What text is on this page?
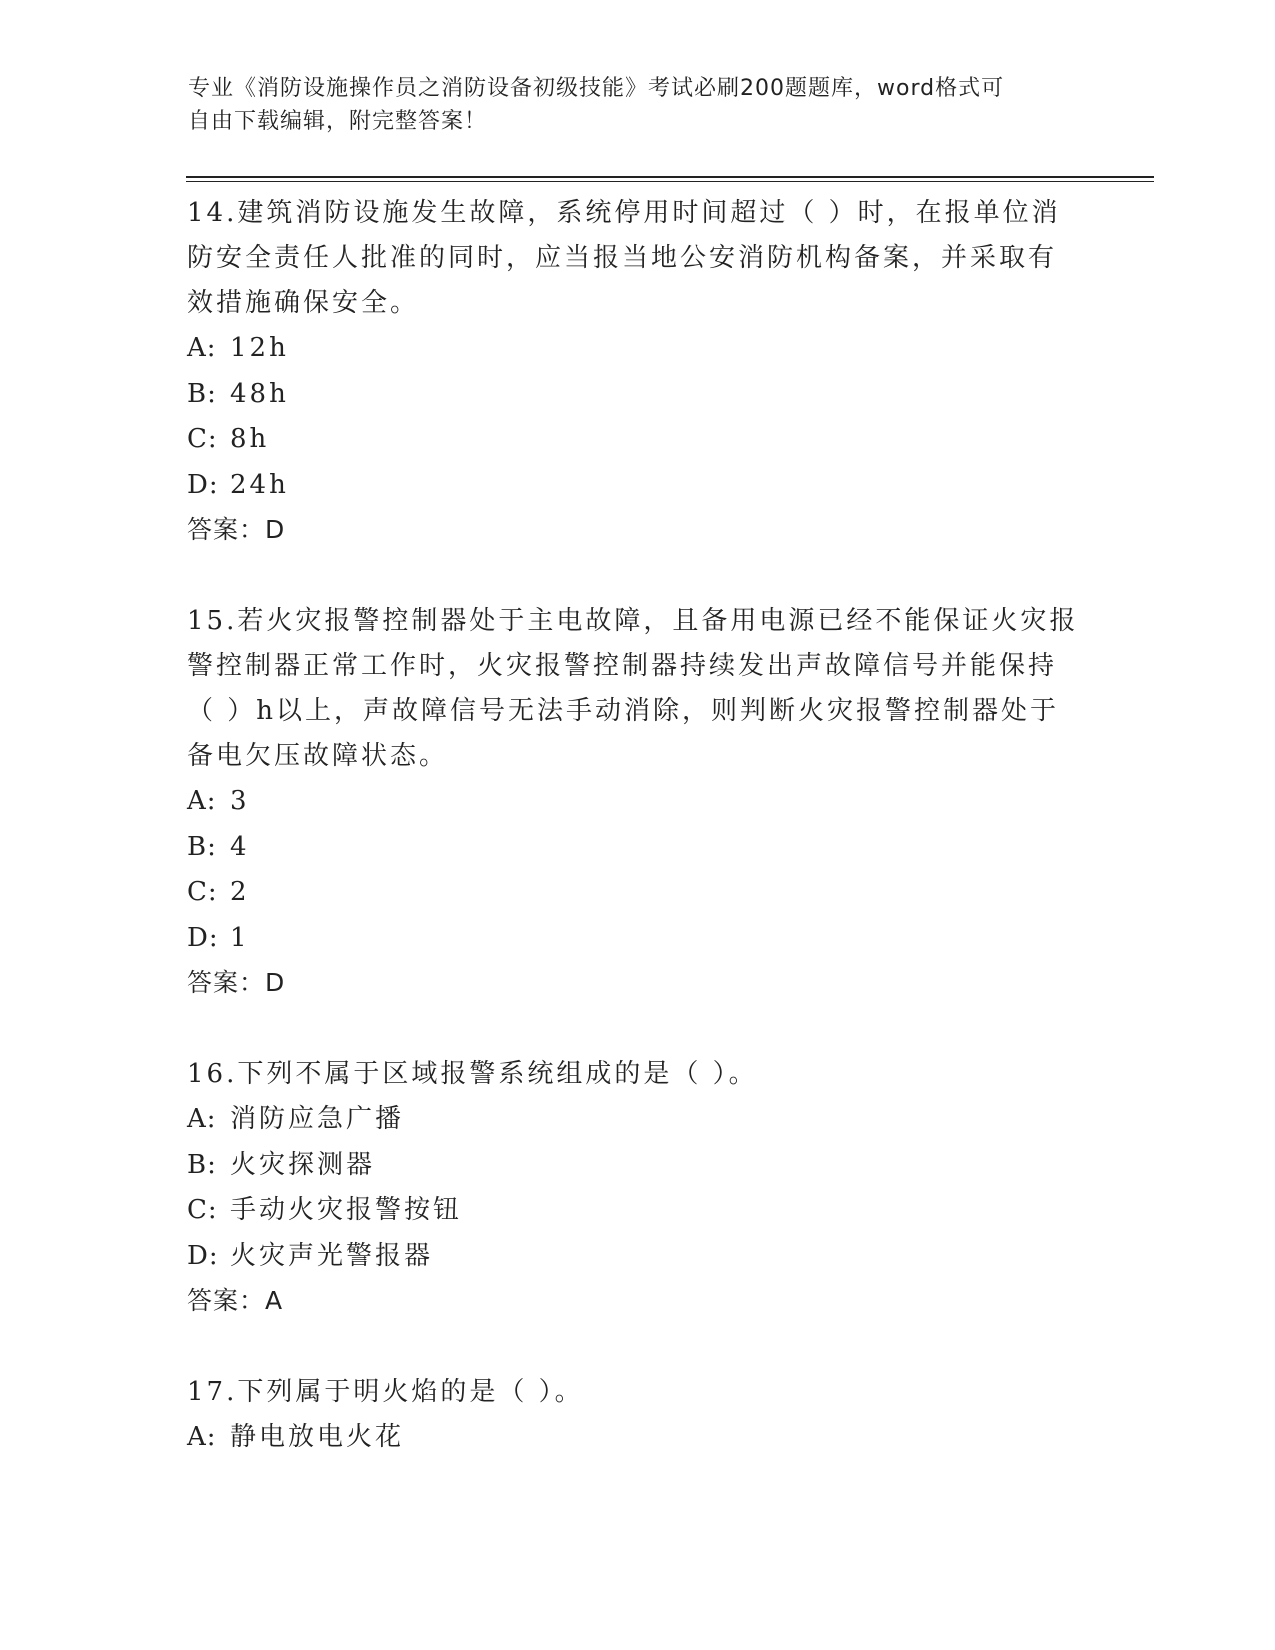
专业《消防设施操作员之消防设备初级技能》考试必刷200题题库，word格式可
自由下载编辑，附完整答案！
14.建筑消防设施发生故障，系统停用时间超过（ ）时，在报单位消
防安全责任人批准的同时，应当报当地公安消防机构备案，并采取有
效措施确保安全。
A: 12h
B: 48h
C: 8h
D: 24h
答案：D
15.若火灾报警控制器处于主电故障，且备用电源已经不能保证火灾报
警控制器正常工作时，火灾报警控制器持续发出声故障信号并能保持
（ ）h以上，声故障信号无法手动消除，则判断火灾报警控制器处于
备电欠压故障状态。
A: 3
B: 4
C: 2
D: 1
答案：D
16.下列不属于区域报警系统组成的是（ ）。
A: 消防应急广播
B: 火灾探测器
C: 手动火灾报警按钮
D: 火灾声光警报器
答案：A
17.下列属于明火焰的是（ ）。
A: 静电放电火花
